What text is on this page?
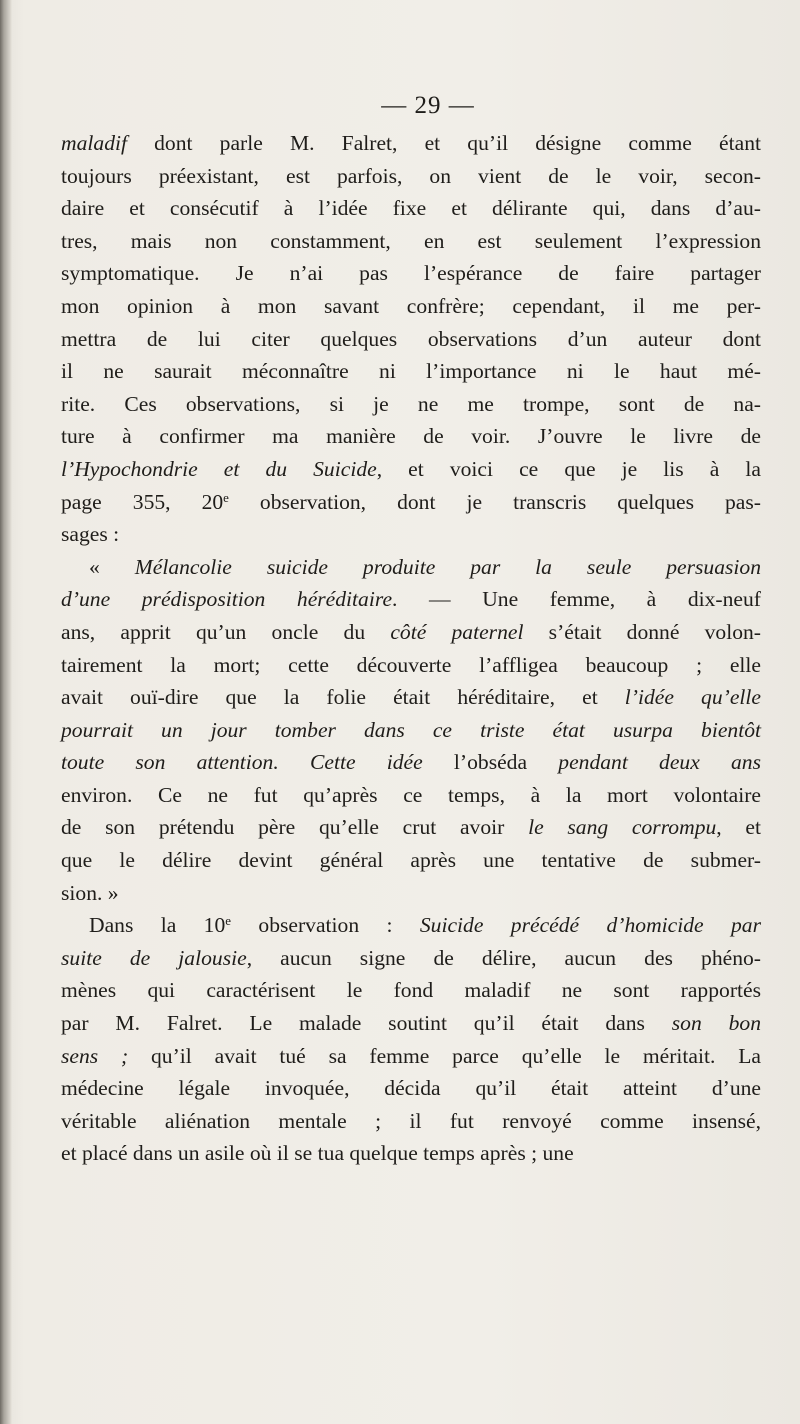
— 29 —
maladif dont parle M. Falret, et qu’il désigne comme étant
toujours préexistant, est parfois, on vient de le voir, secon-
daire et consécutif à l’idée fixe et délirante qui, dans d’au-
tres, mais non constamment, en est seulement l’expression
symptomatique. Je n’ai pas l’espérance de faire partager
mon opinion à mon savant confrère; cependant, il me per-
mettra de lui citer quelques observations d’un auteur dont
il ne saurait méconnaître ni l’importance ni le haut mé-
rite. Ces observations, si je ne me trompe, sont de na-
ture à confirmer ma manière de voir. J’ouvre le livre de
l’Hypochondrie et du Suicide, et voici ce que je lis à la
page 355, 20e observation, dont je transcris quelques pas-
sages :
« Mélancolie suicide produite par la seule persuasion
d’une prédisposition héréditaire. — Une femme, à dix-neuf
ans, apprit qu’un oncle du côté paternel s’était donné volon-
tairement la mort; cette découverte l’affligea beaucoup ; elle
avait ouï-dire que la folie était héréditaire, et l’idée qu’elle
pourrait un jour tomber dans ce triste état usurpa bientôt
toute son attention. Cette idée l’obséda pendant deux ans
environ. Ce ne fut qu’après ce temps, à la mort volontaire
de son prétendu père qu’elle crut avoir le sang corrompu, et
que le délire devint général après une tentative de submer-
sion. »
Dans la 10e observation : Suicide précédé d’homicide par
suite de jalousie, aucun signe de délire, aucun des phéno-
mènes qui caractérisent le fond maladif ne sont rapportés
par M. Falret. Le malade soutint qu’il était dans son bon
sens ; qu’il avait tué sa femme parce qu’elle le méritait. La
médecine légale invoquée, décida qu’il était atteint d’une
véritable aliénation mentale ; il fut renvoyé comme insensé,
et placé dans un asile où il se tua quelque temps après ; une
